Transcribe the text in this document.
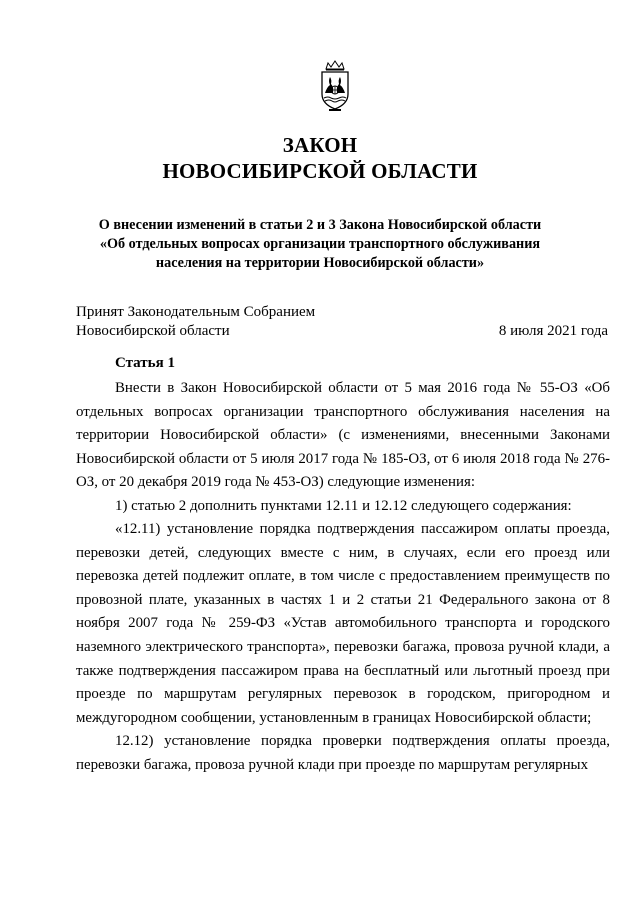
ЗАКОН
НОВОСИБИРСКОЙ ОБЛАСТИ
О внесении изменений в статьи 2 и 3 Закона Новосибирской области
«Об отдельных вопросах организации транспортного обслуживания
населения на территории Новосибирской области»
Принят Законодательным Собранием
Новосибирской области	8 июля 2021 года
Статья 1

Внести в Закон Новосибирской области от 5 мая 2016 года № 55-ОЗ «Об отдельных вопросах организации транспортного обслуживания населения на территории Новосибирской области» (с изменениями, внесенными Законами Новосибирской области от 5 июля 2017 года № 185-ОЗ, от 6 июля 2018 года № 276-ОЗ, от 20 декабря 2019 года № 453-ОЗ) следующие изменения:

1) статью 2 дополнить пунктами 12.11 и 12.12 следующего содержания:

«12.11) установление порядка подтверждения пассажиром оплаты проезда, перевозки детей, следующих вместе с ним, в случаях, если его проезд или перевозка детей подлежит оплате, в том числе с предоставлением преимуществ по провозной плате, указанных в частях 1 и 2 статьи 21 Федерального закона от 8 ноября 2007 года № 259-ФЗ «Устав автомобильного транспорта и городского наземного электрического транспорта», перевозки багажа, провоза ручной клади, а также подтверждения пассажиром права на бесплатный или льготный проезд при проезде по маршрутам регулярных перевозок в городском, пригородном и междугородном сообщении, установленным в границах Новосибирской области;

12.12) установление порядка проверки подтверждения оплаты проезда, перевозки багажа, провоза ручной клади при проезде по маршрутам регулярных
